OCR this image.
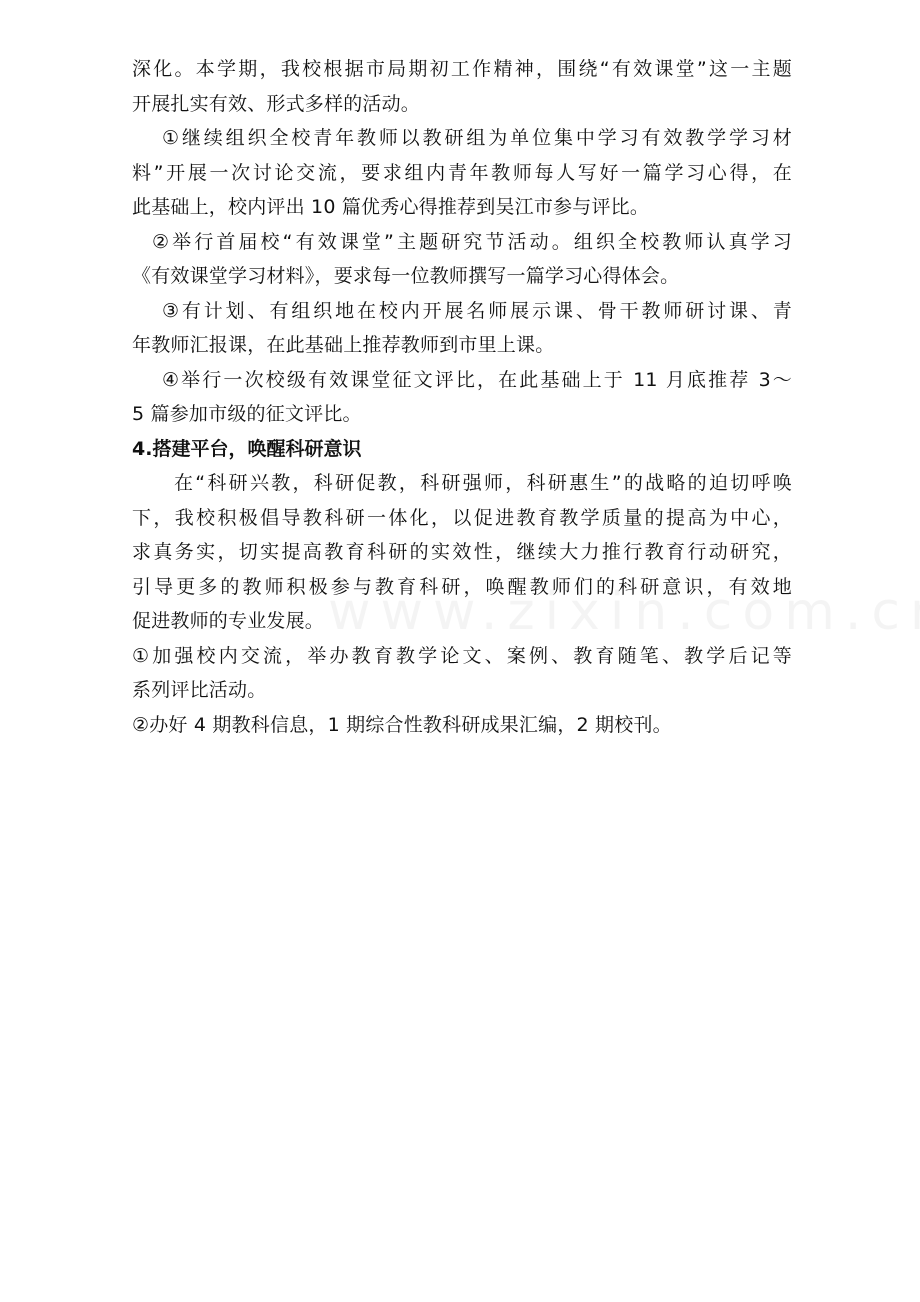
深化。本学期，我校根据市局期初工作精神，围绕“有效课堂”这一主题
开展扎实有效、形式多样的活动。
①继续组织全校青年教师以教研组为单位集中学习有效教学学习材
料”开展一次讨论交流，要求组内青年教师每人写好一篇学习心得，在
此基础上，校内评出 10 篇优秀心得推荐到吴江市参与评比。
②举行首届校“有效课堂”主题研究节活动。组织全校教师认真学习
《有效课堂学习材料》，要求每一位教师撰写一篇学习心得体会。
③有计划、有组织地在校内开展名师展示课、骨干教师研讨课、青
年教师汇报课，在此基础上推荐教师到市里上课。
④举行一次校级有效课堂征文评比，在此基础上于 11 月底推荐 3～
5 篇参加市级的征文评比。
4.搭建平台，唤醒科研意识
在“科研兴教，科研促教，科研强师，科研惠生”的战略的迫切呼唤
下，我校积极倡导教科研一体化，以促进教育教学质量的提高为中心，
求真务实，切实提高教育科研的实效性，继续大力推行教育行动研究，
引导更多的教师积极参与教育科研，唤醒教师们的科研意识，有效地
促进教师的专业发展。
①加强校内交流，举办教育教学论文、案例、教育随笔、教学后记等
系列评比活动。
②办好 4 期教科信息，1 期综合性教科研成果汇编，2 期校刊。
